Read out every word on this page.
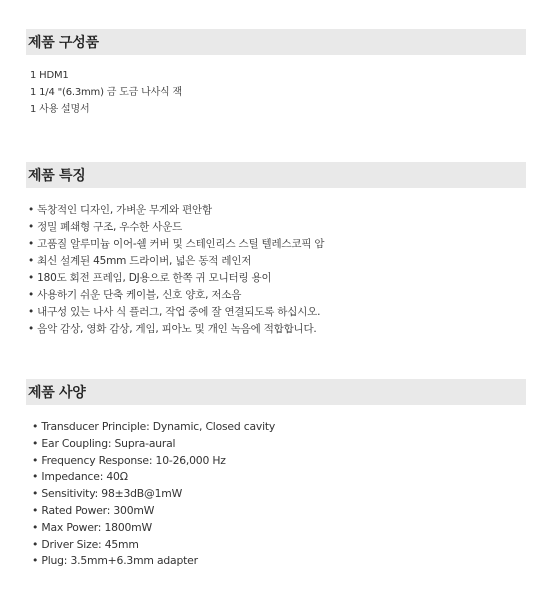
제품 구성품
1 HDM1
1 1/4 "(6.3mm) 금 도금 나사식 잭
1 사용 설명서
제품 특징
• 독창적인 디자인, 가벼운 무게와 편안함
• 정밀 폐쇄형 구조, 우수한 사운드
• 고품질 알루미늄 이어-쉘 커버 및 스테인리스 스틸 텔레스코픽 암
• 최신 설계된 45mm 드라이버, 넓은 동적 레인저
• 180도 회전 프레임, DJ용으로 한쪽 귀 모니터링 용이
• 사용하기 쉬운 단축 케이블, 신호 양호, 저소음
• 내구성 있는 나사 식 플러그, 작업 중에 잘 연결되도록 하십시오.
• 음악 감상, 영화 감상, 게임, 피아노 및 개인 녹음에 적합합니다.
제품 사양
• Transducer Principle: Dynamic, Closed cavity
• Ear Coupling: Supra-aural
• Frequency Response: 10-26,000 Hz
• Impedance: 40Ω
• Sensitivity: 98±3dB@1mW
• Rated Power: 300mW
• Max Power: 1800mW
• Driver Size: 45mm
• Plug: 3.5mm+6.3mm adapter
